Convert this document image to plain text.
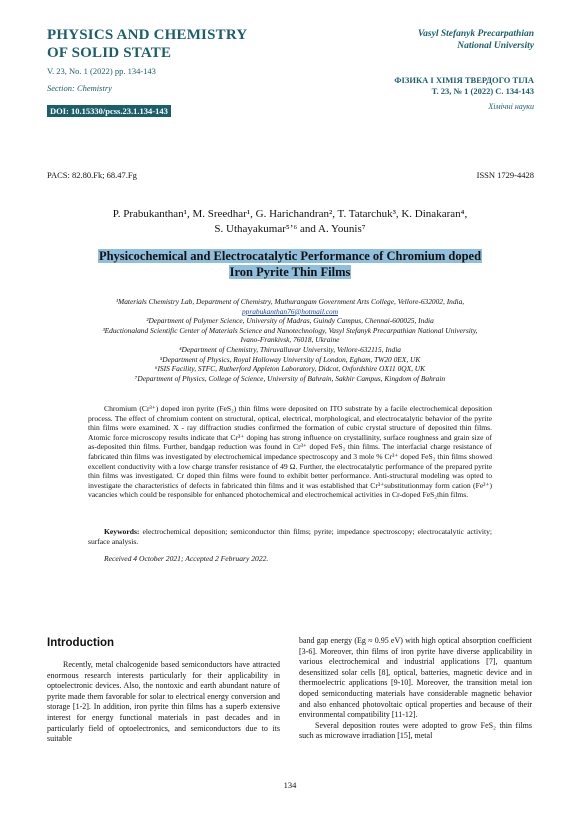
PHYSICS AND CHEMISTRY
OF SOLID STATE
V. 23, No. 1 (2022) pp. 134-143
Section: Chemistry
DOI: 10.15330/pcss.23.1.134-143
Vasyl Stefanyk Precarpathian
National University
ФІЗИКА І ХІМІЯ ТВЕРДОГО ТІЛА
Т. 23, № 1 (2022) С. 134-143
Хімічні науки
PACS: 82.80.Fk; 68.47.Fg	ISSN 1729-4428
P. Prabukanthan¹, M. Sreedhar¹, G. Harichandran², T. Tatarchuk³, K. Dinakaran⁴,
S. Uthayakumar⁵ʼ⁶ and A. Younis⁷
Physicochemical and Electrocatalytic Performance of Chromium doped
Iron Pyrite Thin Films
¹Materials Chemistry Lab, Department of Chemistry, Muthurangam Government Arts College, Vellore-632002, India,
pprabukanthan76@hotmail.com
²Department of Polymer Science, University of Madras, Guindy Campus, Chennai-600025, India
³Eductionaland Scientific Center of Materials Science and Nanotechnology, Vasyl Stefanyk Precarpathian National University,
Ivano-Frankivsk, 76018, Ukraine
⁴Department of Chemistry, Thiruvalluvar University, Vellore-632115, India
⁵Department of Physics, Royal Holloway University of London, Egham, TW20 0EX, UK
⁶ISIS Facility, STFC, Rutherford Appleton Laboratory, Didcot, Oxfordshire OX11 0QX, UK
⁷Department of Physics, College of Science, University of Bahrain, Sakhir Campus, Kingdom of Bahrain
Chromium (Cr³⁺) doped iron pyrite (FeS₂) thin films were deposited on ITO substrate by a facile electrochemical deposition process. The effect of chromium content on structural, optical, electrical, morphological, and electrocatalytic behavior of the pyrite thin films were examined. X - ray diffraction studies confirmed the formation of cubic crystal structure of deposited thin films. Atomic force microscopy results indicate that Cr³⁺ doping has strong influence on crystallinity, surface roughness and grain size of as-deposited thin films. Further, bandgap reduction was found in Cr³⁺ doped FeS₂ thin films. The interfacial charge resistance of fabricated thin films was investigated by electrochemical impedance spectroscopy and 3 mole % Cr³⁺ doped FeS₂ thin films showed excellent conductivity with a low charge transfer resistance of 49 Ω. Further, the electrocatalytic performance of the prepared pyrite thin films was investigated. Cr doped thin films were found to exhibit better performance. Anti-structural modeling was opted to investigate the characteristics of defects in fabricated thin films and it was established that Cr³⁺substitutionmay form cation (Fe²⁺) vacancies which could be responsible for enhanced photochemical and electrochemical activities in Cr-doped FeS₂thin films.
Keywords: electrochemical deposition; semiconductor thin films; pyrite; impedance spectroscopy; electrocatalytic activity; surface analysis.
Received 4 October 2021; Accepted 2 February 2022.
Introduction
Recently, metal chalcogenide based semiconductors have attracted enormous research interests particularly for their applicability in optoelectronic devices. Also, the nontoxic and earth abundant nature of pyrite made them favorable for solar to electrical energy conversion and storage [1-2]. In addition, iron pyrite thin films has a superb extensive interest for energy functional materials in past decades and in particularly field of optoelectronics, and semiconductors due to its suitable

band gap energy (Eg ≈ 0.95 eV) with high optical absorption coefficient [3-6]. Moreover, thin films of iron pyrite have diverse applicability in various electrochemical and industrial applications [7], quantum desensitized solar cells [8], optical, batteries, magnetic device and in thermoelectric applications [9-10]. Moreover, the transition metal ion doped semiconducting materials have considerable magnetic behavior and also enhanced photovoltaic optical properties and because of their environmental compatibility [11-12].

Several deposition routes were adopted to grow FeS₂ thin films such as microwave irradiation [15], metal

134
